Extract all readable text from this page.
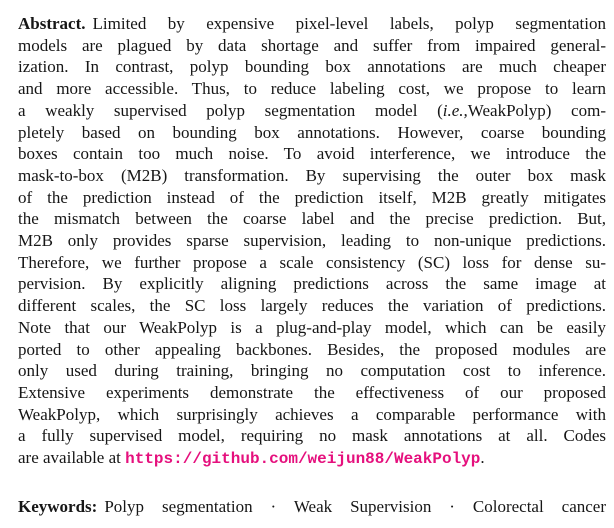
Abstract. Limited by expensive pixel-level labels, polyp segmentation
models are plagued by data shortage and suffer from impaired general-
ization. In contrast, polyp bounding box annotations are much cheaper
and more accessible. Thus, to reduce labeling cost, we propose to learn
a weakly supervised polyp segmentation model (i.e.,WeakPolyp) com-
pletely based on bounding box annotations. However, coarse bounding
boxes contain too much noise. To avoid interference, we introduce the
mask-to-box (M2B) transformation. By supervising the outer box mask
of the prediction instead of the prediction itself, M2B greatly mitigates
the mismatch between the coarse label and the precise prediction. But,
M2B only provides sparse supervision, leading to non-unique predictions.
Therefore, we further propose a scale consistency (SC) loss for dense su-
pervision. By explicitly aligning predictions across the same image at
different scales, the SC loss largely reduces the variation of predictions.
Note that our WeakPolyp is a plug-and-play model, which can be easily
ported to other appealing backbones. Besides, the proposed modules are
only used during training, bringing no computation cost to inference.
Extensive experiments demonstrate the effectiveness of our proposed
WeakPolyp, which surprisingly achieves a comparable performance with
a fully supervised model, requiring no mask annotations at all. Codes
are available at https://github.com/weijun88/WeakPolyp.
Keywords: Polyp segmentation · Weak Supervision · Colorectal cancer
